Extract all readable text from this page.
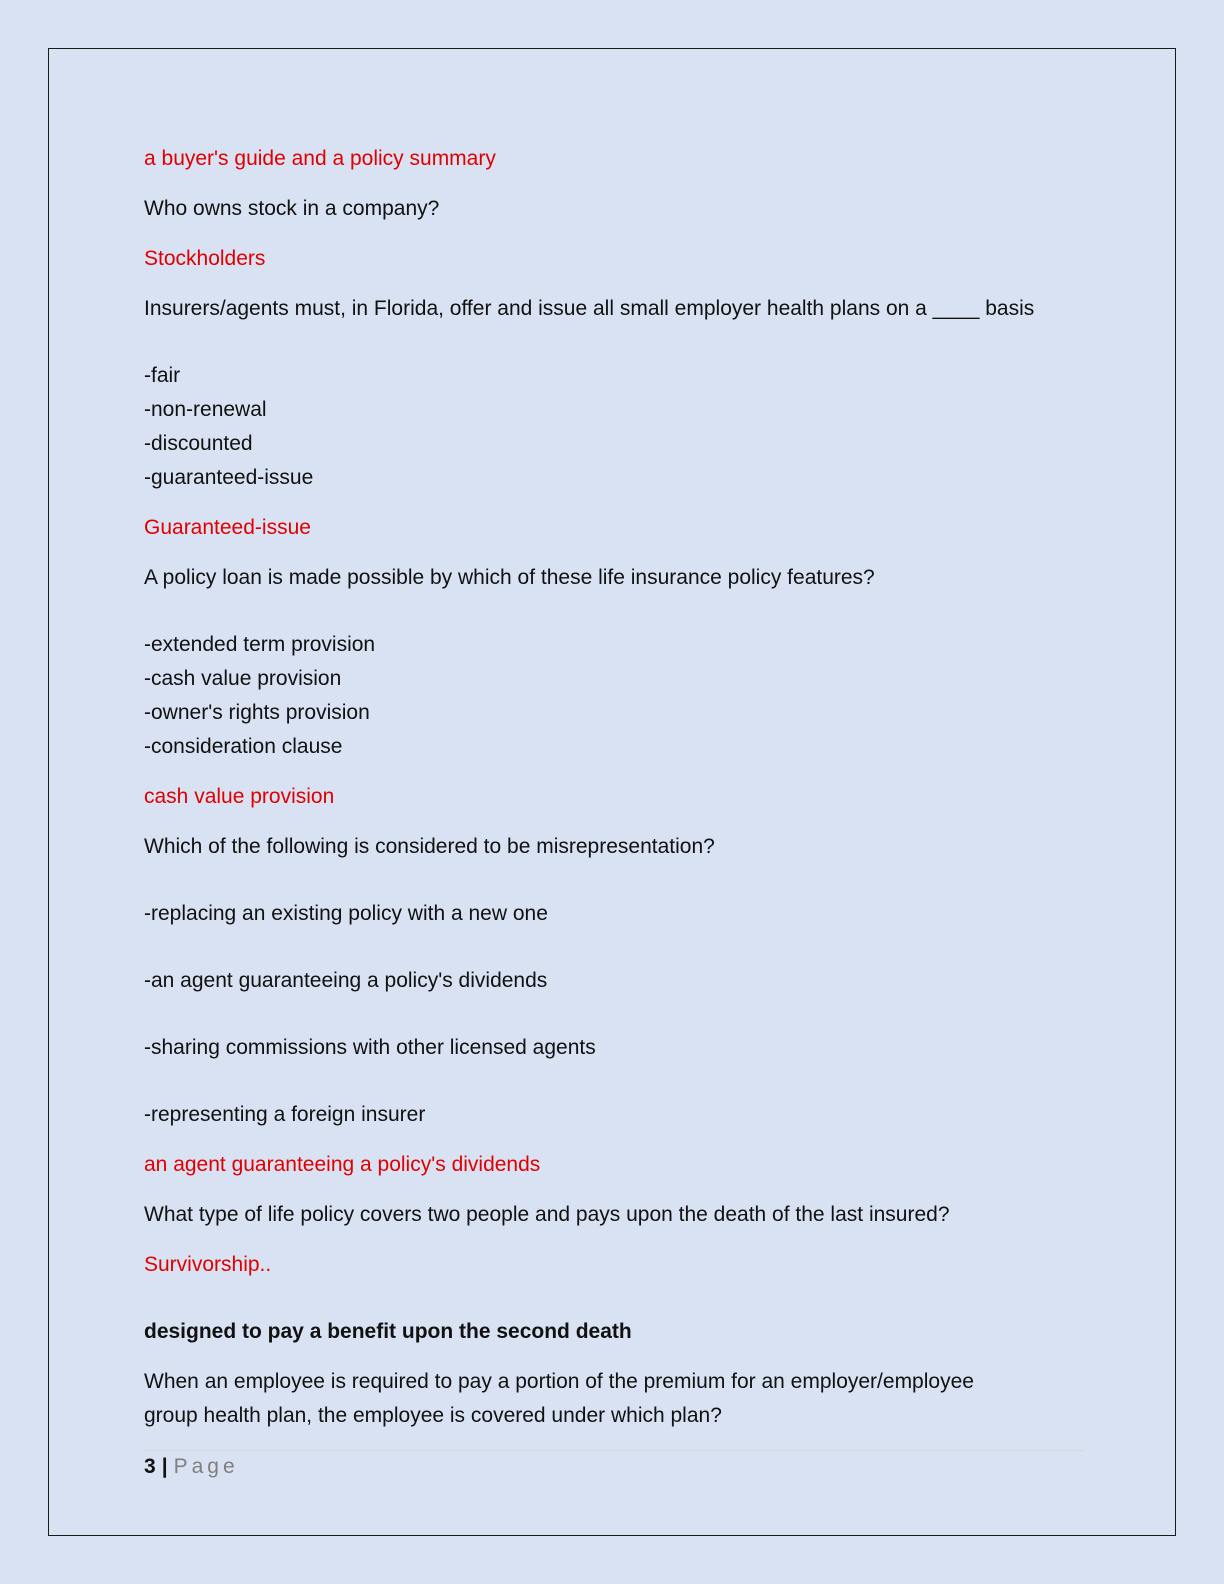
a buyer's guide and a policy summary

Who owns stock in a company?

Stockholders

Insurers/agents must, in Florida, offer and issue all small employer health plans on a ____ basis

-fair

-non-renewal

-discounted

-guaranteed-issue

Guaranteed-issue

A policy loan is made possible by which of these life insurance policy features?

-extended term provision

-cash value provision

-owner's rights provision

-consideration clause

cash value provision

Which of the following is considered to be misrepresentation?

-replacing an existing policy with a new one

-an agent guaranteeing a policy's dividends

-sharing commissions with other licensed agents

-representing a foreign insurer

an agent guaranteeing a policy's dividends

What type of life policy covers two people and pays upon the death of the last insured?

Survivorship..

designed to pay a benefit upon the second death

When an employee is required to pay a portion of the premium for an employer/employee

group health plan, the employee is covered under which plan?

3 | Page
